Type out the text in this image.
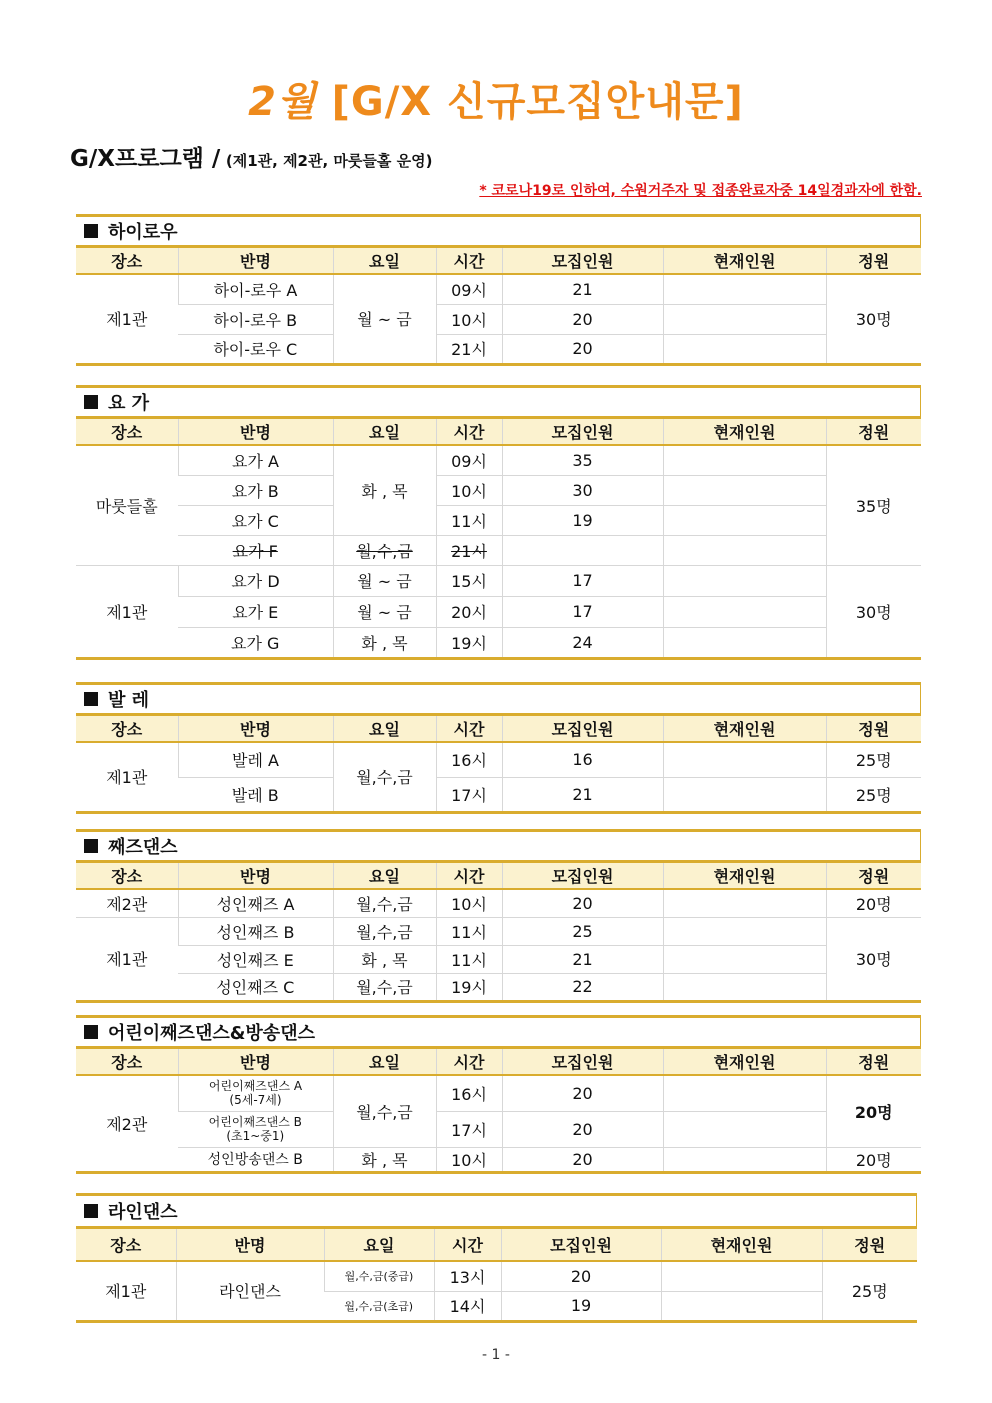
2월 [G/X 신규모집안내문]
G/X프로그램 / (제1관, 제2관, 마룻들홀 운영)
* 코로나19로 인하여, 수원거주자 및 접종완료자중 14일경과자에 한함.
하이로우
장소	반명	요일	시간	모집인원	현재인원	정원
제1관	하이-로우 A	월 ~ 금	09시	21		30명
	하이-로우 B		10시	20		
	하이-로우 C		21시	20		
요 가
장소	반명	요일	시간	모집인원	현재인원	정원
마룻들홀	요가 A	화 , 목	09시	35		35명
	요가 B		10시	30		
	요가 C		11시	19		
	요가 F	월,수,금	21시			
제1관	요가 D	월 ~ 금	15시	17		30명
	요가 E	월 ~ 금	20시	17		
	요가 G	화 , 목	19시	24		
발 레
장소	반명	요일	시간	모집인원	현재인원	정원
제1관	발레 A	월,수,금	16시	16		25명
	발레 B		17시	21		25명
째즈댄스
장소	반명	요일	시간	모집인원	현재인원	정원
제2관	성인째즈 A	월,수,금	10시	20		20명
제1관	성인째즈 B	월,수,금	11시	25		30명
	성인째즈 E	화 , 목	11시	21		
	성인째즈 C	월,수,금	19시	22		
어린이째즈댄스&방송댄스
장소	반명	요일	시간	모집인원	현재인원	정원
제2관	어린이째즈댄스 A
(5세-7세)	월,수,금	16시	20		20명

	어린이째즈댄스 B
(초1~중1)		17시	20		
	성인방송댄스 B	화 , 목	10시	20		20명
라인댄스
장소	반명	요일	시간	모집인원	현재인원	정원
제1관	라인댄스	월,수,금(중급)	13시	20		25명
		월,수,금(초급)	14시	19		
- 1 -
